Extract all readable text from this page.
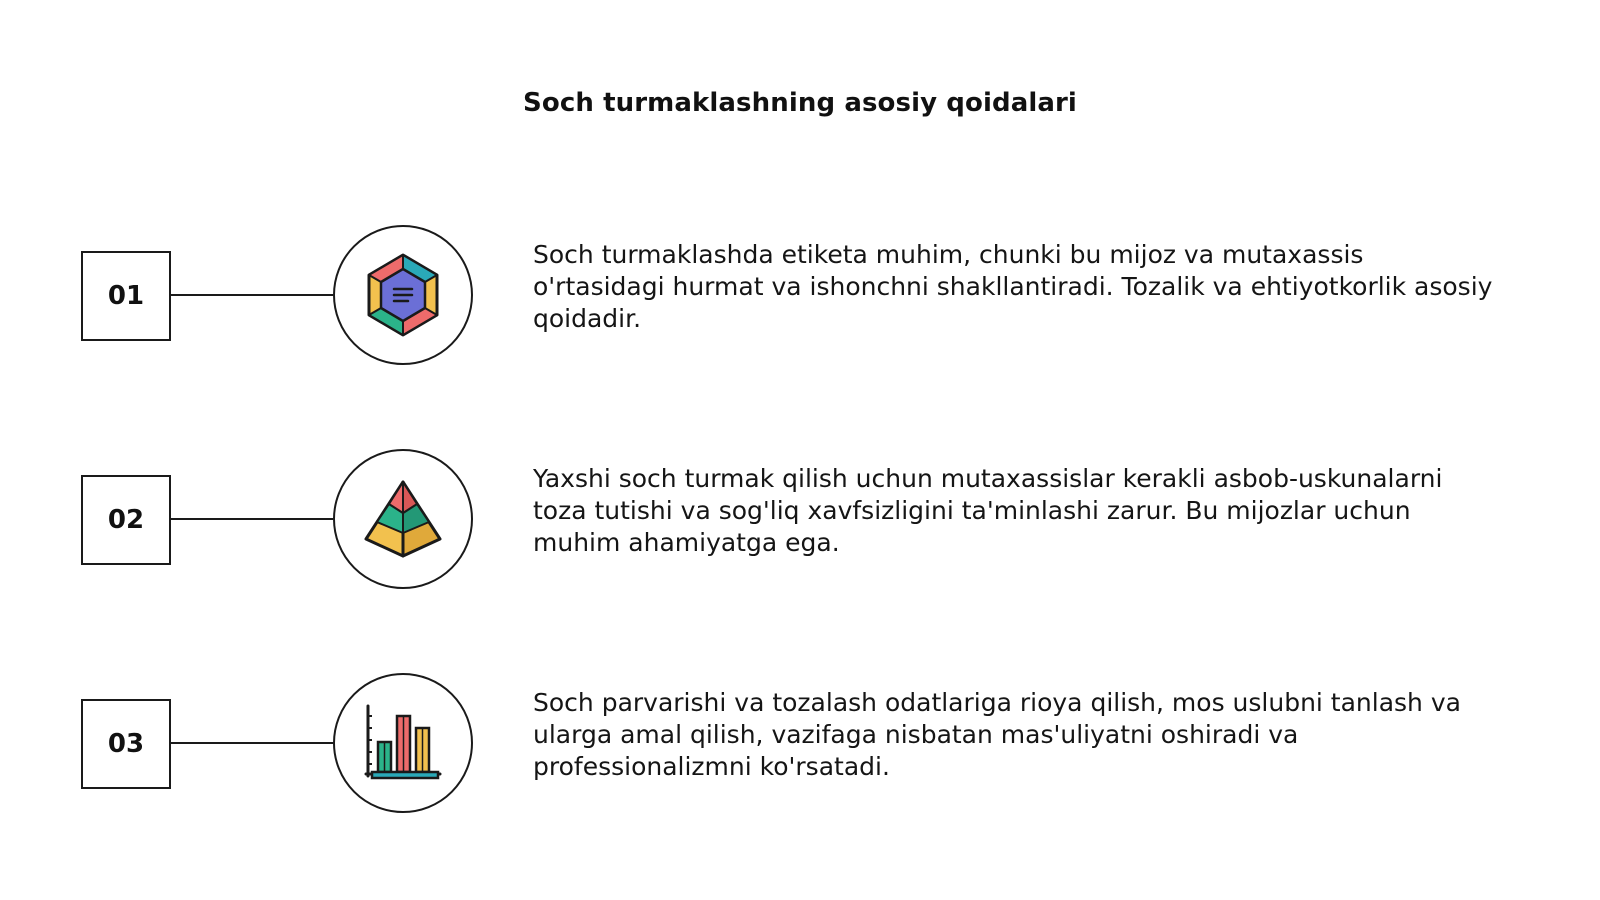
Soch turmaklashning asosiy qoidalari
01

Soch turmaklashda etiketa muhim, chunki bu mijoz va mutaxassis o'rtasidagi hurmat va ishonchni shakllantiradi. Tozalik va ehtiyotkorlik asosiy qoidadir.

02

Yaxshi soch turmak qilish uchun mutaxassislar kerakli asbob-uskunalarni toza tutishi va sog'liq xavfsizligini ta'minlashi zarur. Bu mijozlar uchun muhim ahamiyatga ega.

03

Soch parvarishi va tozalash odatlariga rioya qilish, mos uslubni tanlash va ularga amal qilish, vazifaga nisbatan mas'uliyatni oshiradi va professionalizmni ko'rsatadi.
